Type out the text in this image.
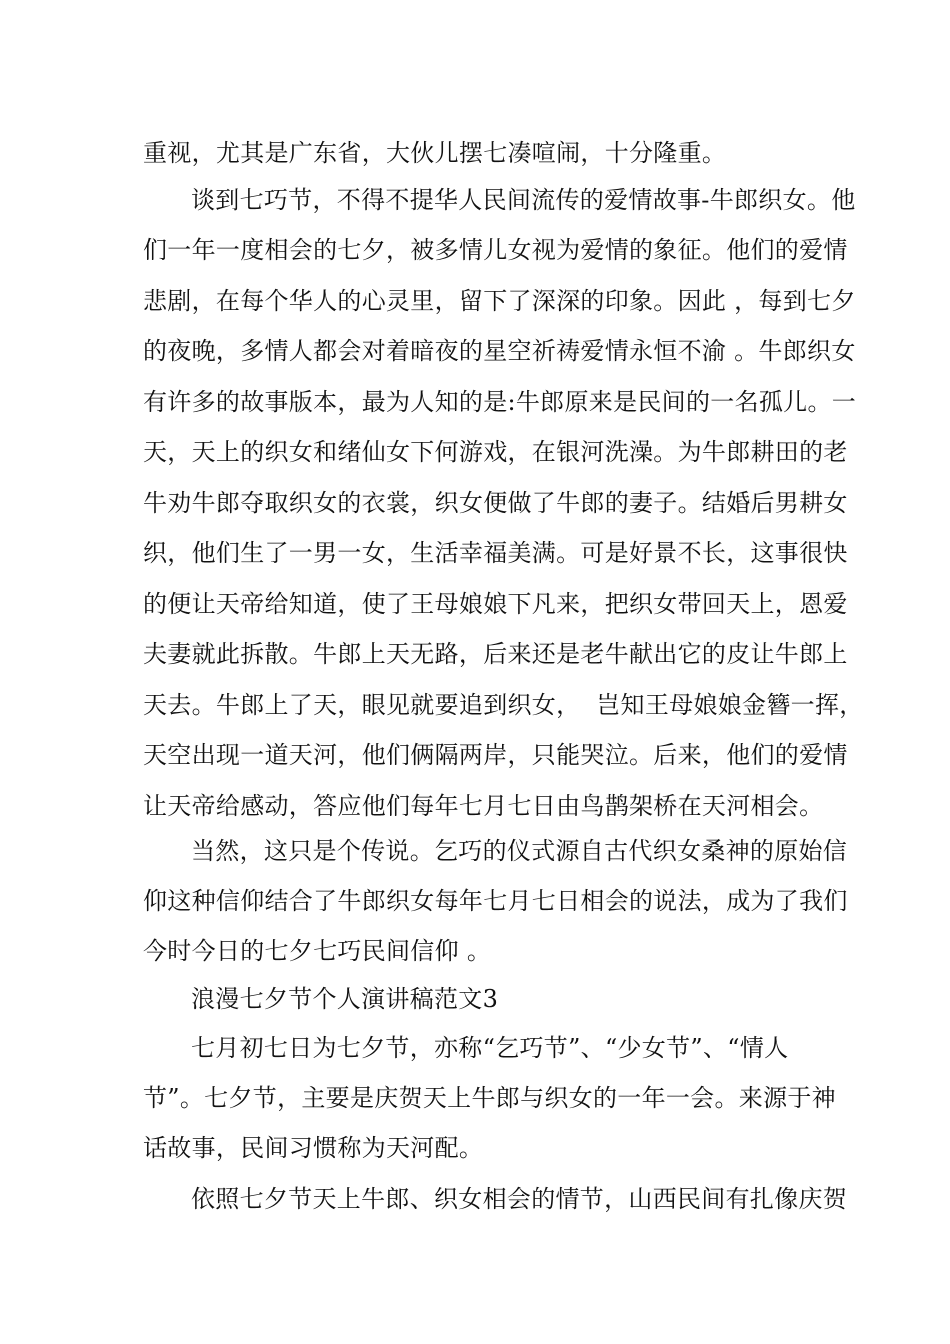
重视，尤其是广东省，大伙儿摆七凑喧闹，十分隆重。
谈到七巧节，不得不提华人民间流传的爱情故事-牛郎织女。他
们一年一度相会的七夕，被多情儿女视为爱情的象征。他们的爱情
悲剧，在每个华人的心灵里，留下了深深的印象。因此 ，每到七夕
的夜晚，多情人都会对着暗夜的星空祈祷爱情永恒不渝 。牛郎织女
有许多的故事版本，最为人知的是:牛郎原来是民间的一名孤儿。一
天，天上的织女和绪仙女下何游戏，在银河洗澡。为牛郎耕田的老
牛劝牛郎夺取织女的衣裳，织女便做了牛郎的妻子。结婚后男耕女
织，他们生了一男一女，生活幸福美满。可是好景不长，这事很快
的便让天帝给知道，使了王母娘娘下凡来，把织女带回天上，恩爱
夫妻就此拆散。牛郎上天无路，后来还是老牛献出它的皮让牛郎上
天去。牛郎上了天，眼见就要追到织女，  岂知王母娘娘金簪一挥，
天空出现一道天河，他们俩隔两岸，只能哭泣。后来，他们的爱情
让天帝给感动，答应他们每年七月七日由鸟鹊架桥在天河相会。
当然，这只是个传说。乞巧的仪式源自古代织女桑神的原始信
仰这种信仰结合了牛郎织女每年七月七日相会的说法，成为了我们
今时今日的七夕七巧民间信仰 。
浪漫七夕节个人演讲稿范文3
七月初七日为七夕节，亦称“乞巧节”、“少女节”、“情人
节”。七夕节，主要是庆贺天上牛郎与织女的一年一会。来源于神
话故事，民间习惯称为天河配。
依照七夕节天上牛郎、织女相会的情节，山西民间有扎像庆贺
